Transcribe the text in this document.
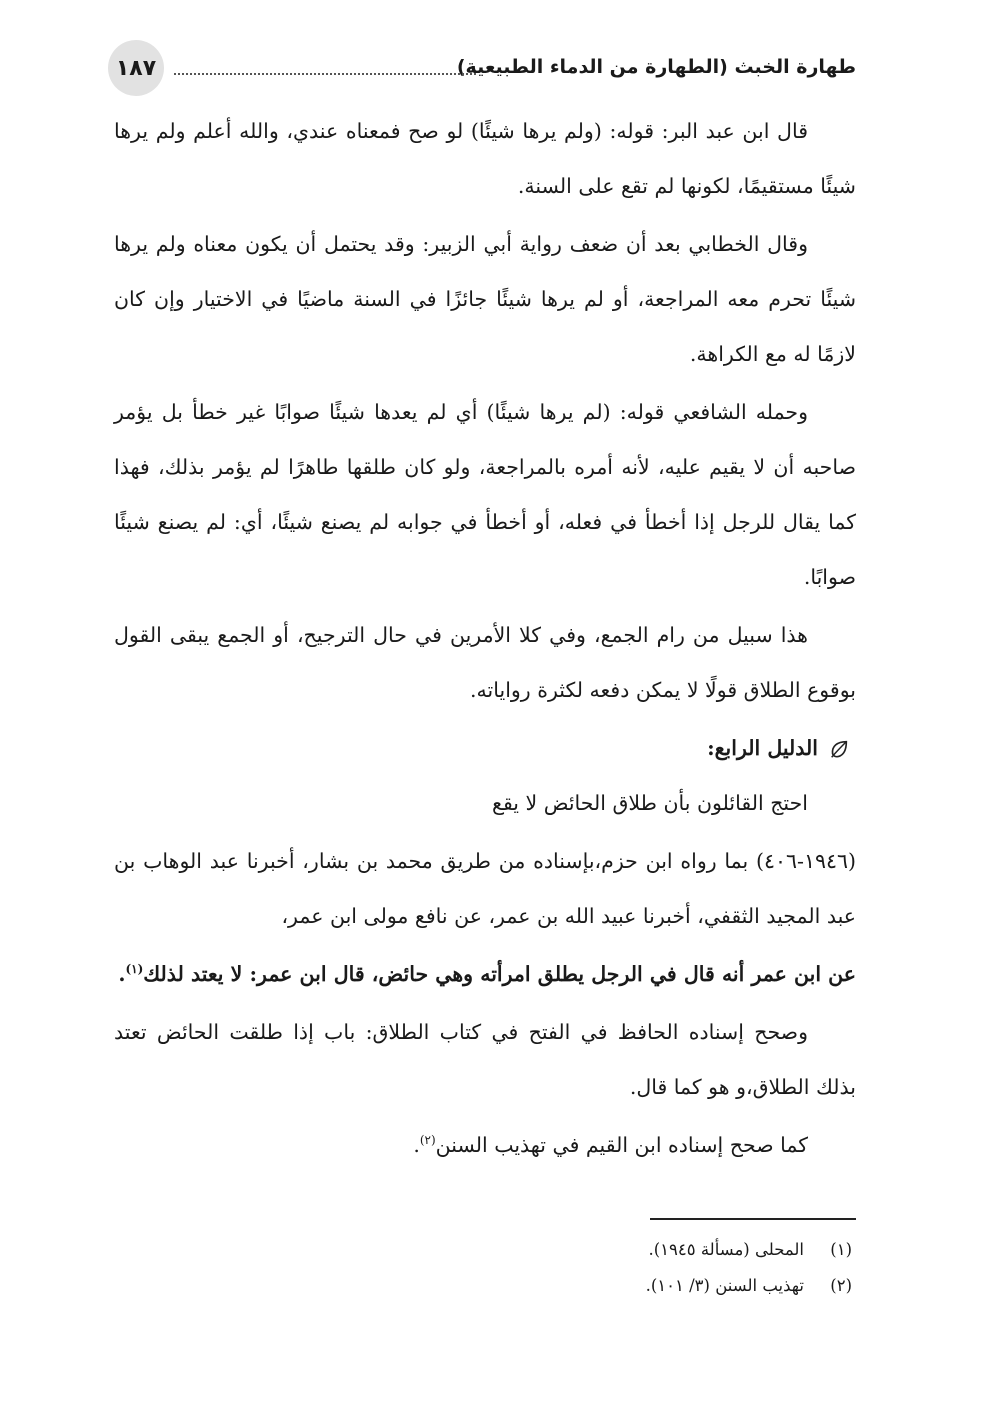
طهارة الخبث (الطهارة من الدماء الطبيعية)
١٨٧

قال ابن عبد البر: قوله: (ولم يرها شيئًا) لو صح فمعناه عندي، والله أعلم ولم يرها شيئًا مستقيمًا، لكونها لم تقع على السنة.

وقال الخطابي بعد أن ضعف رواية أبي الزبير: وقد يحتمل أن يكون معناه ولم يرها شيئًا تحرم معه المراجعة، أو لم يرها شيئًا جائزًا في السنة ماضيًا في الاختيار وإن كان لازمًا له مع الكراهة.

وحمله الشافعي قوله: (لم يرها شيئًا) أي لم يعدها شيئًا صوابًا غير خطأ بل يؤمر صاحبه أن لا يقيم عليه، لأنه أمره بالمراجعة، ولو كان طلقها طاهرًا لم يؤمر بذلك، فهذا كما يقال للرجل إذا أخطأ في فعله، أو أخطأ في جوابه لم يصنع شيئًا، أي: لم يصنع شيئًا صوابًا.

هذا سبيل من رام الجمع، وفي كلا الأمرين في حال الترجيح، أو الجمع يبقى القول بوقوع الطلاق قولًا لا يمكن دفعه لكثرة رواياته.

الدليل الرابع:

احتج القائلون بأن طلاق الحائض لا يقع

(١٩٤٦-٤٠٦) بما رواه ابن حزم،بإسناده من طريق محمد بن بشار، أخبرنا عبد الوهاب بن عبد المجيد الثقفي، أخبرنا عبيد الله بن عمر، عن نافع مولى ابن عمر،

عن ابن عمر أنه قال في الرجل يطلق امرأته وهي حائض، قال ابن عمر: لا يعتد لذلك$^{(١)}$.

وصحح إسناده الحافظ في الفتح في كتاب الطلاق: باب إذا طلقت الحائض تعتد بذلك الطلاق،و هو كما قال.

كما صحح إسناده ابن القيم في تهذيب السنن$^{(٢)}$.

(١)
المحلى (مسألة ١٩٤٥).
(٢)
تهذيب السنن (٣/ ١٠١).
